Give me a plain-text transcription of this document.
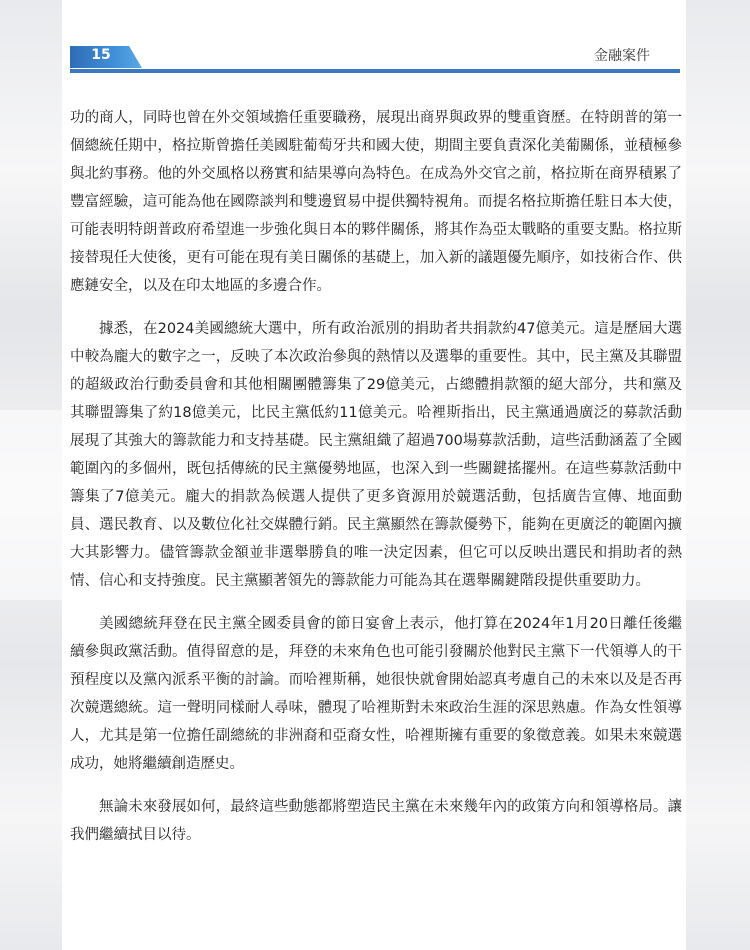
15	金融案件

功的商人，同時也曾在外交領域擔任重要職務，展現出商界與政界的雙重資歷。在特朗普的第一個總統任期中，格拉斯曾擔任美國駐葡萄牙共和國大使，期間主要負責深化美葡關係，並積極參與北約事務。他的外交風格以務實和結果導向為特色。在成為外交官之前，格拉斯在商界積累了豐富經驗，這可能為他在國際談判和雙邊貿易中提供獨特視角。而提名格拉斯擔任駐日本大使，可能表明特朗普政府希望進一步強化與日本的夥伴關係，將其作為亞太戰略的重要支點。格拉斯接替現任大使後，更有可能在現有美日關係的基礎上，加入新的議題優先順序，如技術合作、供應鏈安全，以及在印太地區的多邊合作。

據悉，在2024美國總統大選中，所有政治派別的捐助者共捐款約47億美元。這是歷屆大選中較為龐大的數字之一，反映了本次政治參與的熱情以及選舉的重要性。其中，民主黨及其聯盟的超級政治行動委員會和其他相關團體籌集了29億美元，占總體捐款額的絕大部分，共和黨及其聯盟籌集了約18億美元，比民主黨低約11億美元。哈裡斯指出，民主黨通過廣泛的募款活動展現了其強大的籌款能力和支持基礎。民主黨組織了超過700場募款活動，這些活動涵蓋了全國範圍內的多個州，既包括傳統的民主黨優勢地區，也深入到一些關鍵搖擺州。在這些募款活動中籌集了7億美元。龐大的捐款為候選人提供了更多資源用於競選活動，包括廣告宣傳、地面動員、選民教育、以及數位化社交媒體行銷。民主黨顯然在籌款優勢下，能夠在更廣泛的範圍內擴大其影響力。儘管籌款金額並非選舉勝負的唯一決定因素，但它可以反映出選民和捐助者的熱情、信心和支持強度。民主黨顯著領先的籌款能力可能為其在選舉關鍵階段提供重要助力。

美國總統拜登在民主黨全國委員會的節日宴會上表示，他打算在2024年1月20日離任後繼續參與政黨活動。值得留意的是，拜登的未來角色也可能引發關於他對民主黨下一代領導人的干預程度以及黨內派系平衡的討論。而哈裡斯稱，她很快就會開始認真考慮自己的未來以及是否再次競選總統。這一聲明同樣耐人尋味，體現了哈裡斯對未來政治生涯的深思熟慮。作為女性領導人，尤其是第一位擔任副總統的非洲裔和亞裔女性，哈裡斯擁有重要的象徵意義。如果未來競選成功，她將繼續創造歷史。

無論未來發展如何，最終這些動態都將塑造民主黨在未來幾年內的政策方向和領導格局。讓我們繼續拭目以待。
